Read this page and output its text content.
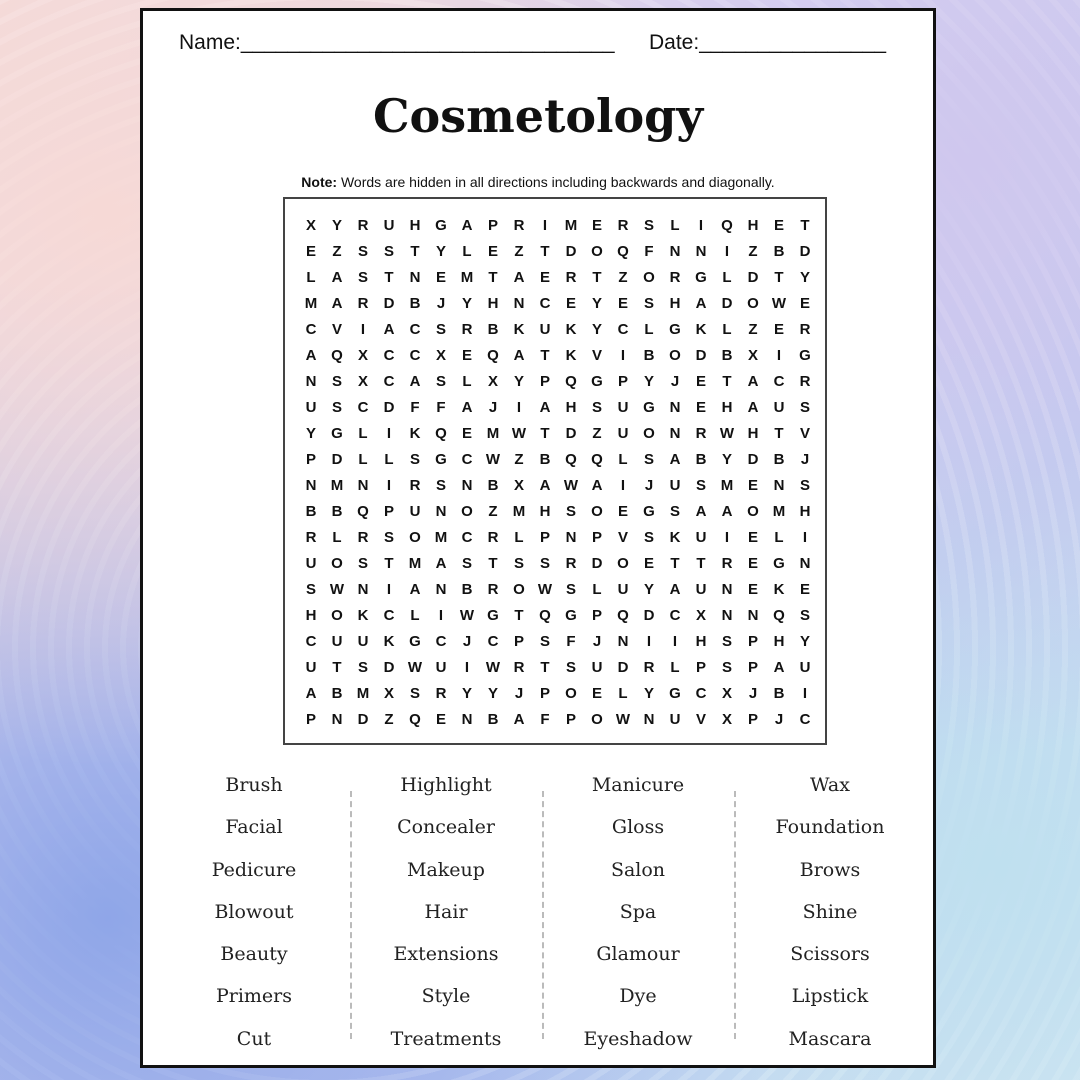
Name:________________________________ Date:________________
Cosmetology
Note: Words are hidden in all directions including backwards and diagonally.
X	Y	R	U	H G A	P	R	I	M E	R	S	L	I	Q H	E	T
E	Z	S	S	T	Y	L	E	Z	T	D O Q	F	N	N	I	Z	B	D
L	A	S	T	N	E M	T	A	E	R	T	Z	O R G	L	D	T	Y
M A	R	D	B	J	Y	H	N	C	E	Y	E	S	H	A	D O W E
C	V	I	A	C	S	R	B	K	U	K	Y	C	L	G K	L	Z	E	R
A Q	X	C	C	X	E	Q A	T	K	V	I	B O D	B	X	I	G
N	S	X	C	A	S	L	X	Y	P	Q G	P	Y	J	E	T	A	C	R
U	S	C	D	F	F	A	J	I	A	H	S	U G N	E	H	A	U	S
Y	G	L	I	K Q	E M W T	D	Z	U O N	R W H	T	V
P	D	L	L	S	G C W Z	B Q Q	L	S	A	B	Y	D	B	J
N M N	I	R	S	N	B	X	A W A	I	J	U	S M E	N	S
B	B Q	P	U	N O	Z	M H	S	O	E	G	S	A	A O M H
R	L	R	S	O M C	R	L	P	N	P	V	S	K	U	I	E	L	I
U O	S	T	M A	S	T	S	S	R	D O	E	T	T	R	E	G N
S W N	I	A	N	B	R O W S	L	U	Y	A	U	N	E	K	E
H O K	C	L	I	W G	T	Q G	P	Q D	C	X	N	N Q	S
C	U	U	K G C	J	C	P	S	F	J	N	I	I	H	S	P	H	Y
U	T	S	D W U	I	W R	T	S	U	D	R	L	P	S	P	A	U
A	B M X	S	R	Y	Y	J	P	O	E	L	Y	G C	X	J	B	I
P	N	D	Z	Q	E	N	B	A	F	P	O W N	U	V	X	P	J	C
Brush
Facial
Pedicure
Blowout
Beauty
Primers
Cut
Highlight
Concealer
Makeup
Hair
Extensions
Style
Treatments
Manicure
Gloss
Salon
Spa
Glamour
Dye
Eyeshadow
Wax
Foundation
Brows
Shine
Scissors
Lipstick
Mascara
